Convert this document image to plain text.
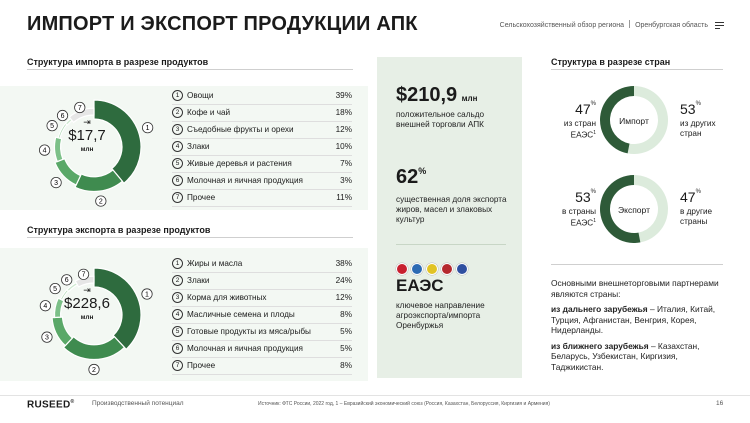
ИМПОРТ И ЭКСПОРТ ПРОДУКЦИИ АПК	Сельскохозяйственный обзор региона Оренбургская область
Структура импорта в разрезе продуктов
1
2
3
4
5
6
7
⇥
$17,7
млн
1 Овощи	39%
2 Кофе и чай	18%
3 Съедобные фрукты и орехи	12%
4 Злаки	10%
5 Живые деревья и растения	7%
6 Молочная и яичная продукция	3%
7 Прочее	11%
Структура экспорта в разрезе продуктов
1
2
3
4
5
6
7
⇥
$228,6
млн
1 Жиры и масла	38%
2 Злаки	24%
3 Корма для животных	12%
4 Масличные семена и плоды	8%
5 Готовые продукты из мяса/рыбы	5%
6 Молочная и яичная продукция	5%
7 Прочее	8%
$210,9 млн
положительное сальдо внешней торговли АПК
62%
существенная доля экспорта жиров, масел и злаковых культур
ЕАЭС
ключевое направление агроэкспорта/импорта Оренбуржья
Структура в разрезе стран
Импорт
47%
из стран ЕАЭС$^1$
53%
из других стран
Экспорт
53%
в страны ЕАЭС$^1$
47%
в другие страны

Основными внешнеторговыми партнерами являются страны:

из дальнего зарубежья – Италия, Китай, Турция, Афганистан, Венгрия, Корея, Нидерланды.

из ближнего зарубежья – Казахстан, Беларусь, Узбекистан, Киргизия, Таджикистан.

RUSEED®	Производственный потенциал	Источник: ФТС России, 2022 год, 1 – Евразийский экономический союз (Россия, Казахстан, Белоруссия, Киргизия и Армения)	16
